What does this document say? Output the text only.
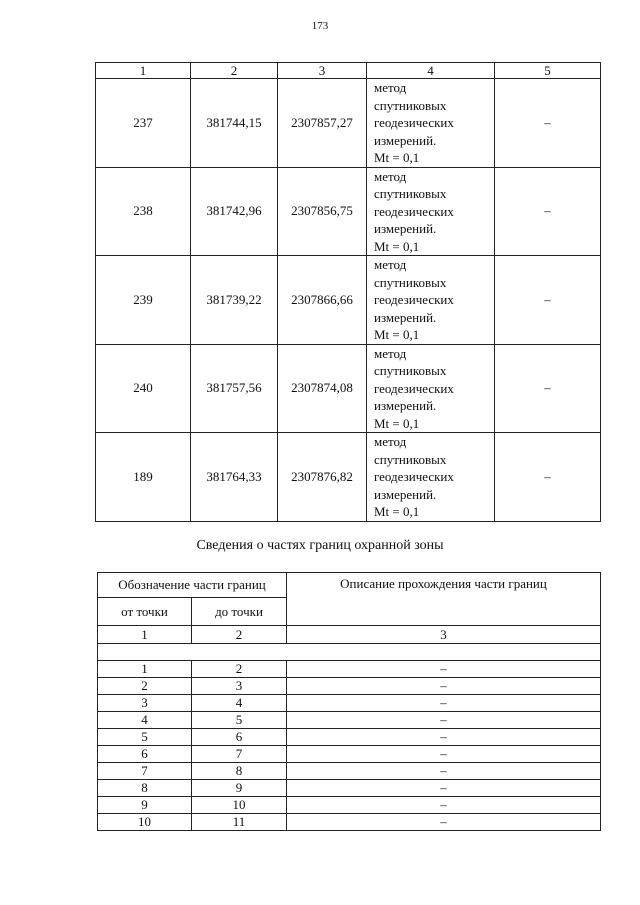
173
1	2	3	4	5
237	381744,15	2307857,27	метод
спутниковых
геодезических
измерений.
Mt = 0,1	–
238	381742,96	2307856,75	метод
спутниковых
геодезических
измерений.
Mt = 0,1	–
239	381739,22	2307866,66	метод
спутниковых
геодезических
измерений.
Mt = 0,1	–
240	381757,56	2307874,08	метод
спутниковых
геодезических
измерений.
Mt = 0,1	–
189	381764,33	2307876,82	метод
спутниковых
геодезических
измерений.
Mt = 0,1	–
Сведения о частях границ охранной зоны
Обозначение части границ		Описание прохождения части границ
от точки	до точки	
1	2	3

1	2	–
2	3	–
3	4	–
4	5	–
5	6	–
6	7	–
7	8	–
8	9	–
9	10	–
10	11	–
